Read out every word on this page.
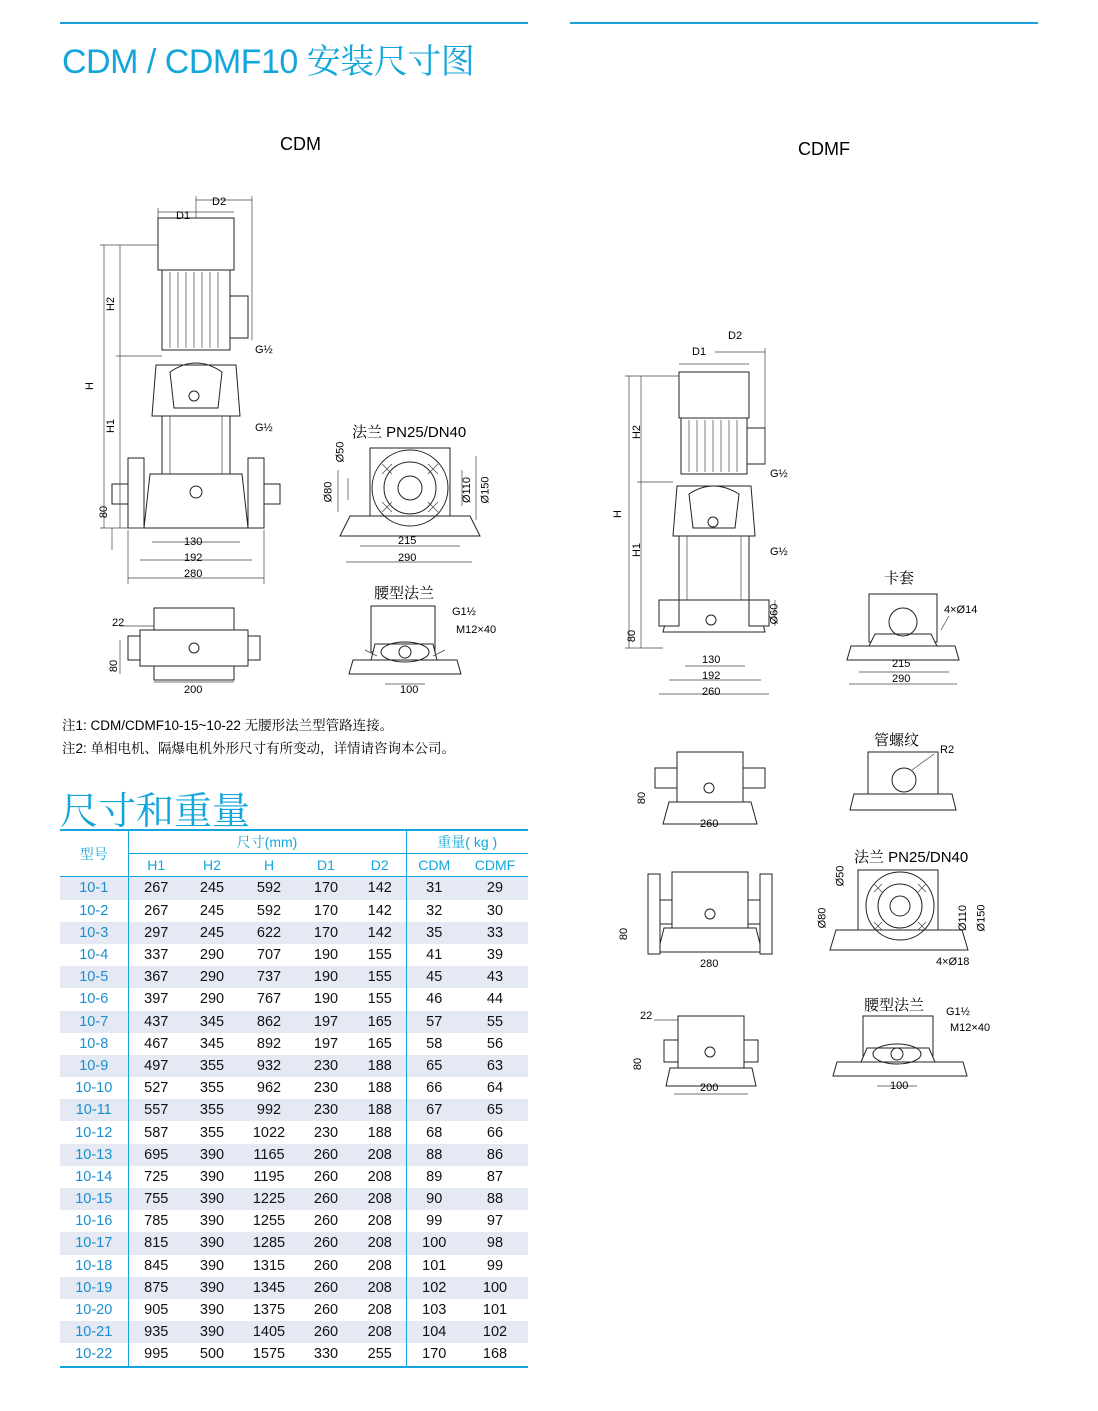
CDM / CDMF10 安装尺寸图
CDM
D1
D2
H2
H
H1
80
G½
G½
130
192
280
22
80
200
法兰 PN25/DN40
Ø50
Ø80	Ø110 Ø150
215
290
腰型法兰
G1½
M12×40
100
注1: CDM/CDMF10-15~10-22 无腰形法兰型管路连接。
注2: 单相电机、隔爆电机外形尺寸有所变动，详情请咨询本公司。
CDMF
D1
D2
H2
H
H1
80
G½
G½
Ø60
130
192
260
卡套
4×Ø14
215
290
管螺纹
R2
80
260
法兰 PN25/DN40
Ø50
Ø80	Ø110 Ø150
4×Ø18
80
280
腰型法兰 G1½
M12×40
100
22
80
200
尺寸和重量
型号	尺寸(mm)					重量( kg )	
	H1	H2	H	D1	D2	CDM	CDMF
10-1	267	245	592	170	142	31	29
10-2	267	245	592	170	142	32	30
10-3	297	245	622	170	142	35	33
10-4	337	290	707	190	155	41	39
10-5	367	290	737	190	155	45	43
10-6	397	290	767	190	155	46	44
10-7	437	345	862	197	165	57	55
10-8	467	345	892	197	165	58	56
10-9	497	355	932	230	188	65	63
10-10	527	355	962	230	188	66	64
10-11	557	355	992	230	188	67	65
10-12	587	355	1022	230	188	68	66
10-13	695	390	1165	260	208	88	86
10-14	725	390	1195	260	208	89	87
10-15	755	390	1225	260	208	90	88
10-16	785	390	1255	260	208	99	97
10-17	815	390	1285	260	208	100	98
10-18	845	390	1315	260	208	101	99
10-19	875	390	1345	260	208	102	100
10-20	905	390	1375	260	208	103	101
10-21	935	390	1405	260	208	104	102
10-22	995	500	1575	330	255	170	168
